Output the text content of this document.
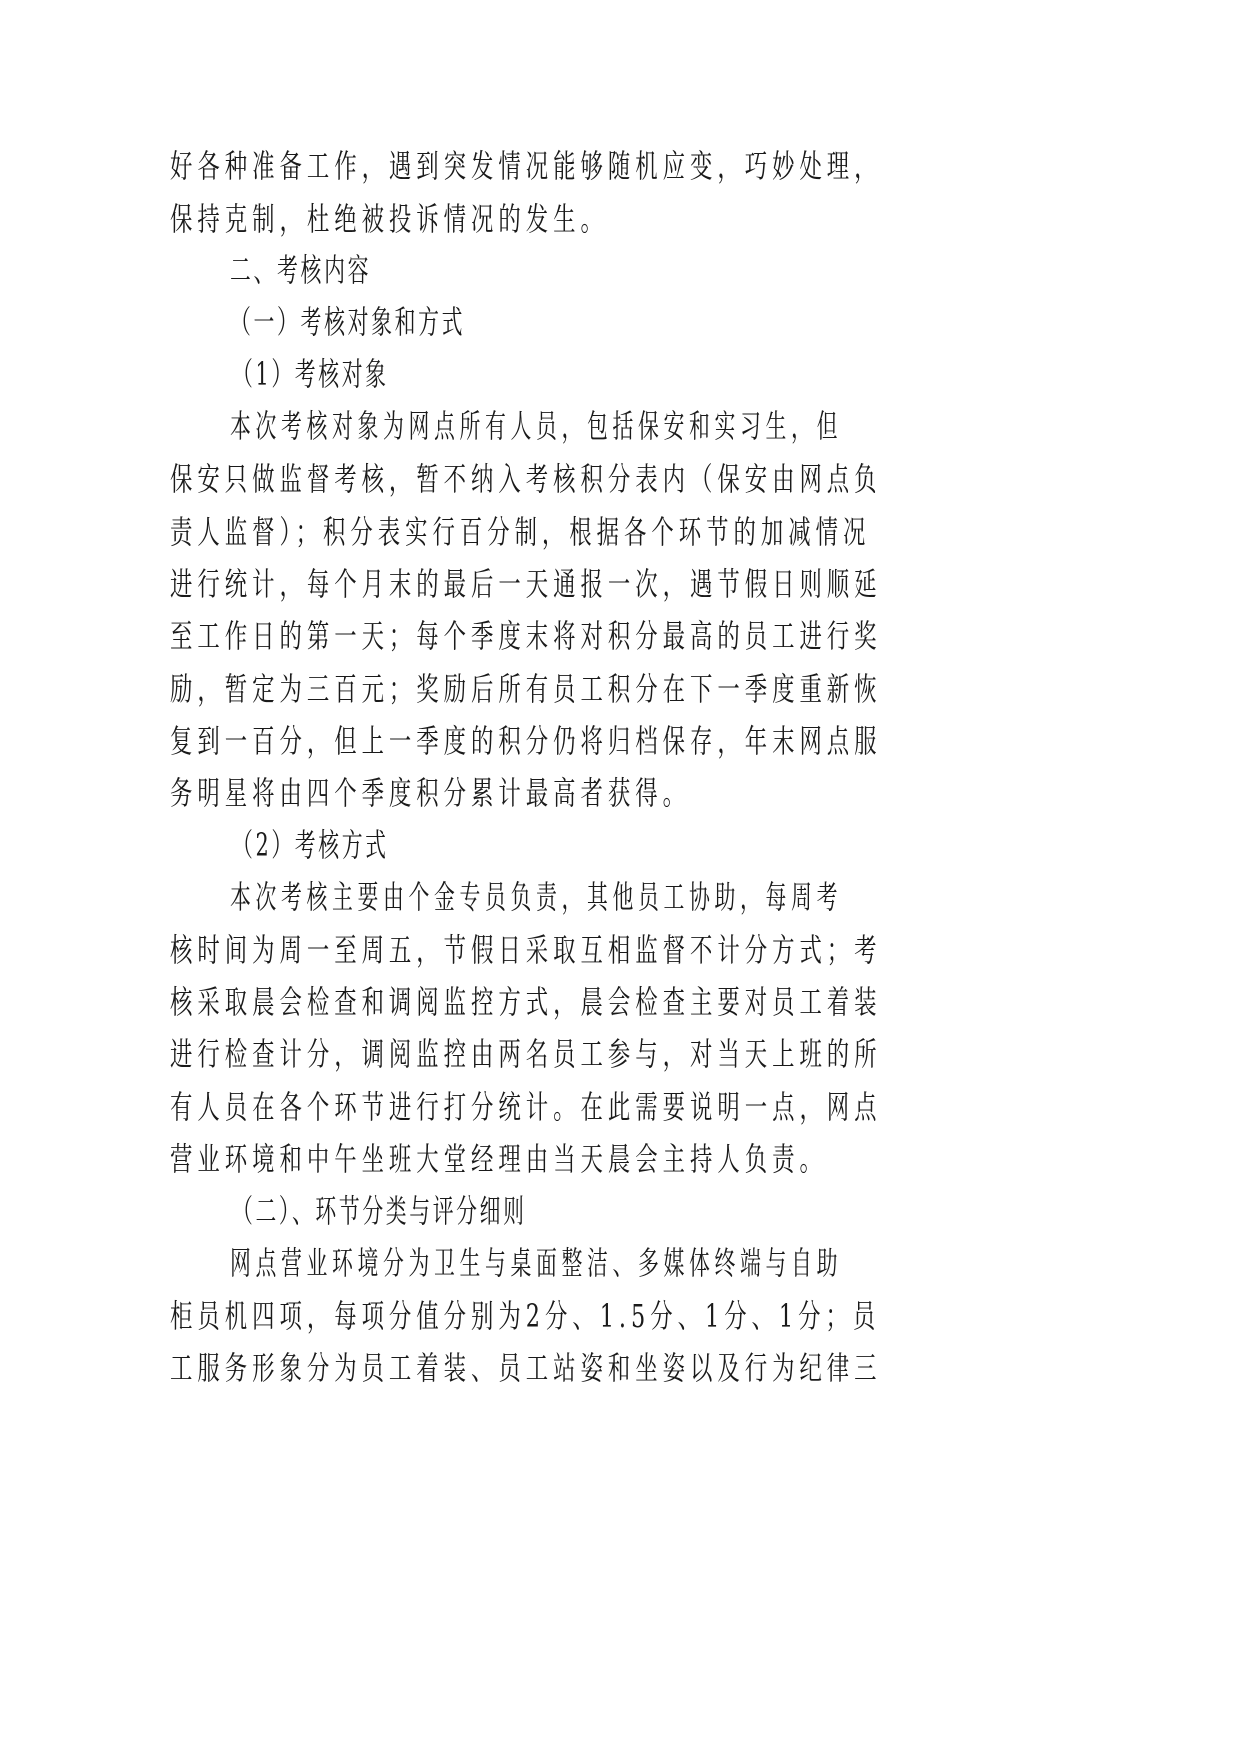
好各种准备工作，遇到突发情况能够随机应变，巧妙处理，
保持克制，杜绝被投诉情况的发生。
二、考核内容
（一）考核对象和方式
（1）考核对象
本次考核对象为网点所有人员，包括保安和实习生，但
保安只做监督考核，暂不纳入考核积分表内（保安由网点负
责人监督）；积分表实行百分制，根据各个环节的加减情况
进行统计，每个月末的最后一天通报一次，遇节假日则顺延
至工作日的第一天；每个季度末将对积分最高的员工进行奖
励，暂定为三百元；奖励后所有员工积分在下一季度重新恢
复到一百分，但上一季度的积分仍将归档保存，年末网点服
务明星将由四个季度积分累计最高者获得。
（2）考核方式
本次考核主要由个金专员负责，其他员工协助，每周考
核时间为周一至周五，节假日采取互相监督不计分方式；考
核采取晨会检查和调阅监控方式，晨会检查主要对员工着装
进行检查计分，调阅监控由两名员工参与，对当天上班的所
有人员在各个环节进行打分统计。在此需要说明一点，网点
营业环境和中午坐班大堂经理由当天晨会主持人负责。
（二）、环节分类与评分细则
网点营业环境分为卫生与桌面整洁、多媒体终端与自助
柜员机四项，每项分值分别为2分、1.5分、1分、1分；员
工服务形象分为员工着装、员工站姿和坐姿以及行为纪律三
